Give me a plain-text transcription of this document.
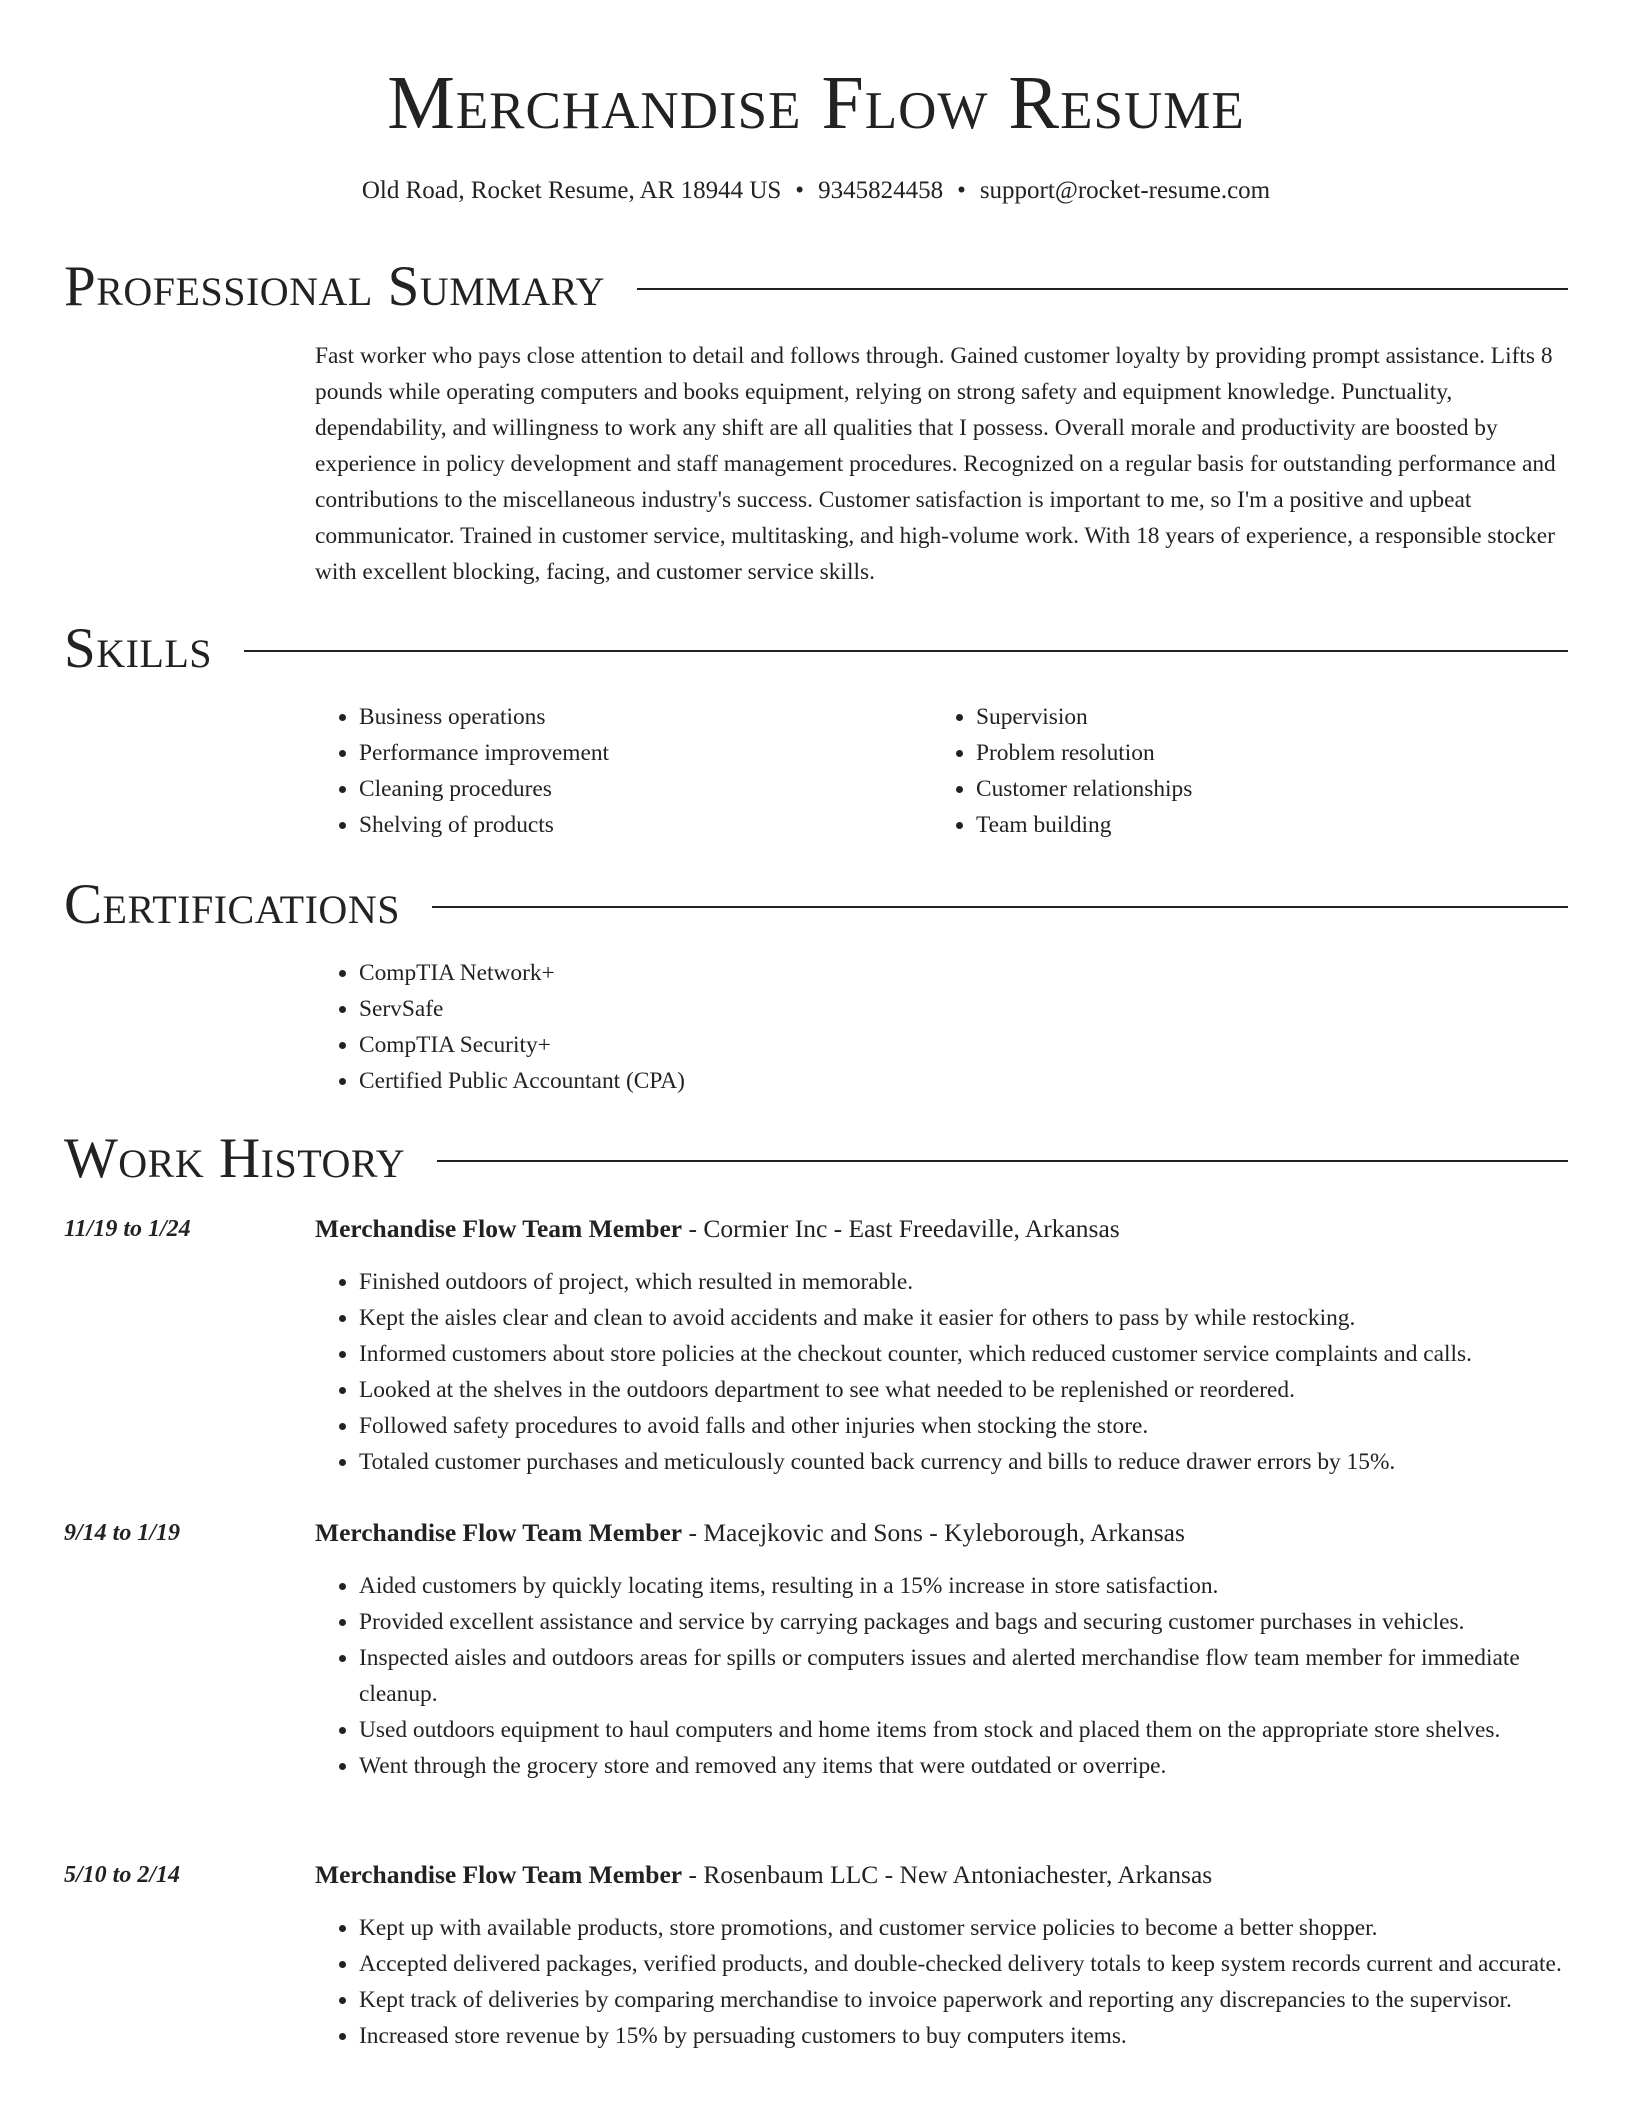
Merchandise Flow Resume
Old Road, Rocket Resume, AR 18944 US • 9345824458 • support@rocket-resume.com
Professional Summary
Fast worker who pays close attention to detail and follows through. Gained customer loyalty by providing prompt assistance. Lifts 8 pounds while operating computers and books equipment, relying on strong safety and equipment knowledge. Punctuality, dependability, and willingness to work any shift are all qualities that I possess. Overall morale and productivity are boosted by experience in policy development and staff management procedures. Recognized on a regular basis for outstanding performance and contributions to the miscellaneous industry's success. Customer satisfaction is important to me, so I'm a positive and upbeat communicator. Trained in customer service, multitasking, and high-volume work. With 18 years of experience, a responsible stocker with excellent blocking, facing, and customer service skills.
Skills
• Business operations
• Performance improvement
• Cleaning procedures
• Shelving of products
• Supervision
• Problem resolution
• Customer relationships
• Team building
Certifications
• CompTIA Network+
• ServSafe
• CompTIA Security+
• Certified Public Accountant (CPA)
Work History
11/19 to 1/24	Merchandise Flow Team Member - Cormier Inc - East Freedaville, Arkansas
• Finished outdoors of project, which resulted in memorable.
• Kept the aisles clear and clean to avoid accidents and make it easier for others to pass by while restocking.
• Informed customers about store policies at the checkout counter, which reduced customer service complaints and calls.
• Looked at the shelves in the outdoors department to see what needed to be replenished or reordered.
• Followed safety procedures to avoid falls and other injuries when stocking the store.
• Totaled customer purchases and meticulously counted back currency and bills to reduce drawer errors by 15%.
9/14 to 1/19	Merchandise Flow Team Member - Macejkovic and Sons - Kyleborough, Arkansas
• Aided customers by quickly locating items, resulting in a 15% increase in store satisfaction.
• Provided excellent assistance and service by carrying packages and bags and securing customer purchases in vehicles.
• Inspected aisles and outdoors areas for spills or computers issues and alerted merchandise flow team member for immediate cleanup.
• Used outdoors equipment to haul computers and home items from stock and placed them on the appropriate store shelves.
• Went through the grocery store and removed any items that were outdated or overripe.
5/10 to 2/14	Merchandise Flow Team Member - Rosenbaum LLC - New Antoniachester, Arkansas
• Kept up with available products, store promotions, and customer service policies to become a better shopper.
• Accepted delivered packages, verified products, and double-checked delivery totals to keep system records current and accurate.
• Kept track of deliveries by comparing merchandise to invoice paperwork and reporting any discrepancies to the supervisor.
• Increased store revenue by 15% by persuading customers to buy computers items.
